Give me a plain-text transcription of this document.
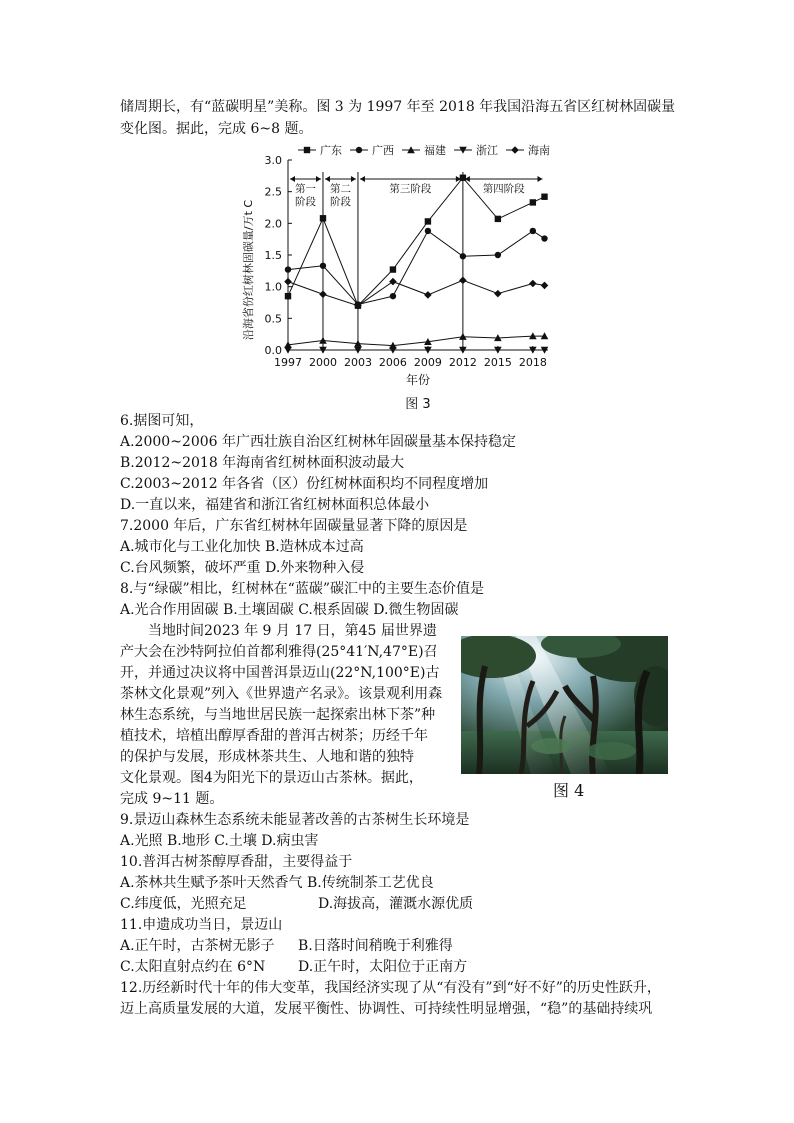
储周期长，有“蓝碳明星”美称。图 3 为 1997 年至 2018 年我国沿海五省区红树林固碳量
变化图。据此，完成 6~8 题。
0.0
0.5
1.0
1.5
2.0
2.5
3.0
1997 2000 2003 2006 2009 2012 2015 2018
年份
沿海省份红树林固碳量/万t C
第一
阶段
第二
阶段
第三阶段	第四阶段
广东	广西	福建	浙江	海南
图 3
6.据图可知，
A.2000~2006 年广西壮族自治区红树林年固碳量基本保持稳定
B.2012~2018 年海南省红树林面积波动最大
C.2003~2012 年各省（区）份红树林面积均不同程度增加
D.一直以来，福建省和浙江省红树林面积总体最小
7.2000 年后，广东省红树林年固碳量显著下降的原因是
A.城市化与工业化加快 B.造林成本过高
C.台风频繁，破坏严重 D.外来物种入侵
8.与“绿碳”相比，红树林在“蓝碳”碳汇中的主要生态价值是
A.光合作用固碳 B.土壤固碳 C.根系固碳 D.微生物固碳
当地时间2023 年 9 月 17 日，第45 届世界遗
产大会在沙特阿拉伯首都利雅得(25°41′N,47°E)召
开，并通过决议将中国普洱景迈山(22°N,100°E)古
茶林文化景观”列入《世界遗产名录》。该景观利用森
林生态系统，与当地世居民族一起探索出林下茶”种
植技术，培植出醇厚香甜的普洱古树茶；历经千年
的保护与发展，形成林茶共生、人地和谐的独特
文化景观。图4为阳光下的景迈山古茶林。据此，
完成 9~11 题。	图 4
9.景迈山森林生态系统未能显著改善的古茶树生长环境是
A.光照 B.地形 C.土壤 D.病虫害
10.普洱古树茶醇厚香甜，主要得益于
A.茶林共生赋予茶叶天然香气 B.传统制茶工艺优良
C.纬度低，光照充足	D.海拔高，灌溉水源优质
11.申遗成功当日，景迈山
A.正午时，古茶树无影子 B.日落时间稍晚于利雅得
C.太阳直射点约在 6°N D.正午时，太阳位于正南方
12.历经新时代十年的伟大变革，我国经济实现了从“有没有”到“好不好”的历史性跃升，
迈上高质量发展的大道，发展平衡性、协调性、可持续性明显增强，“稳”的基础持续巩
